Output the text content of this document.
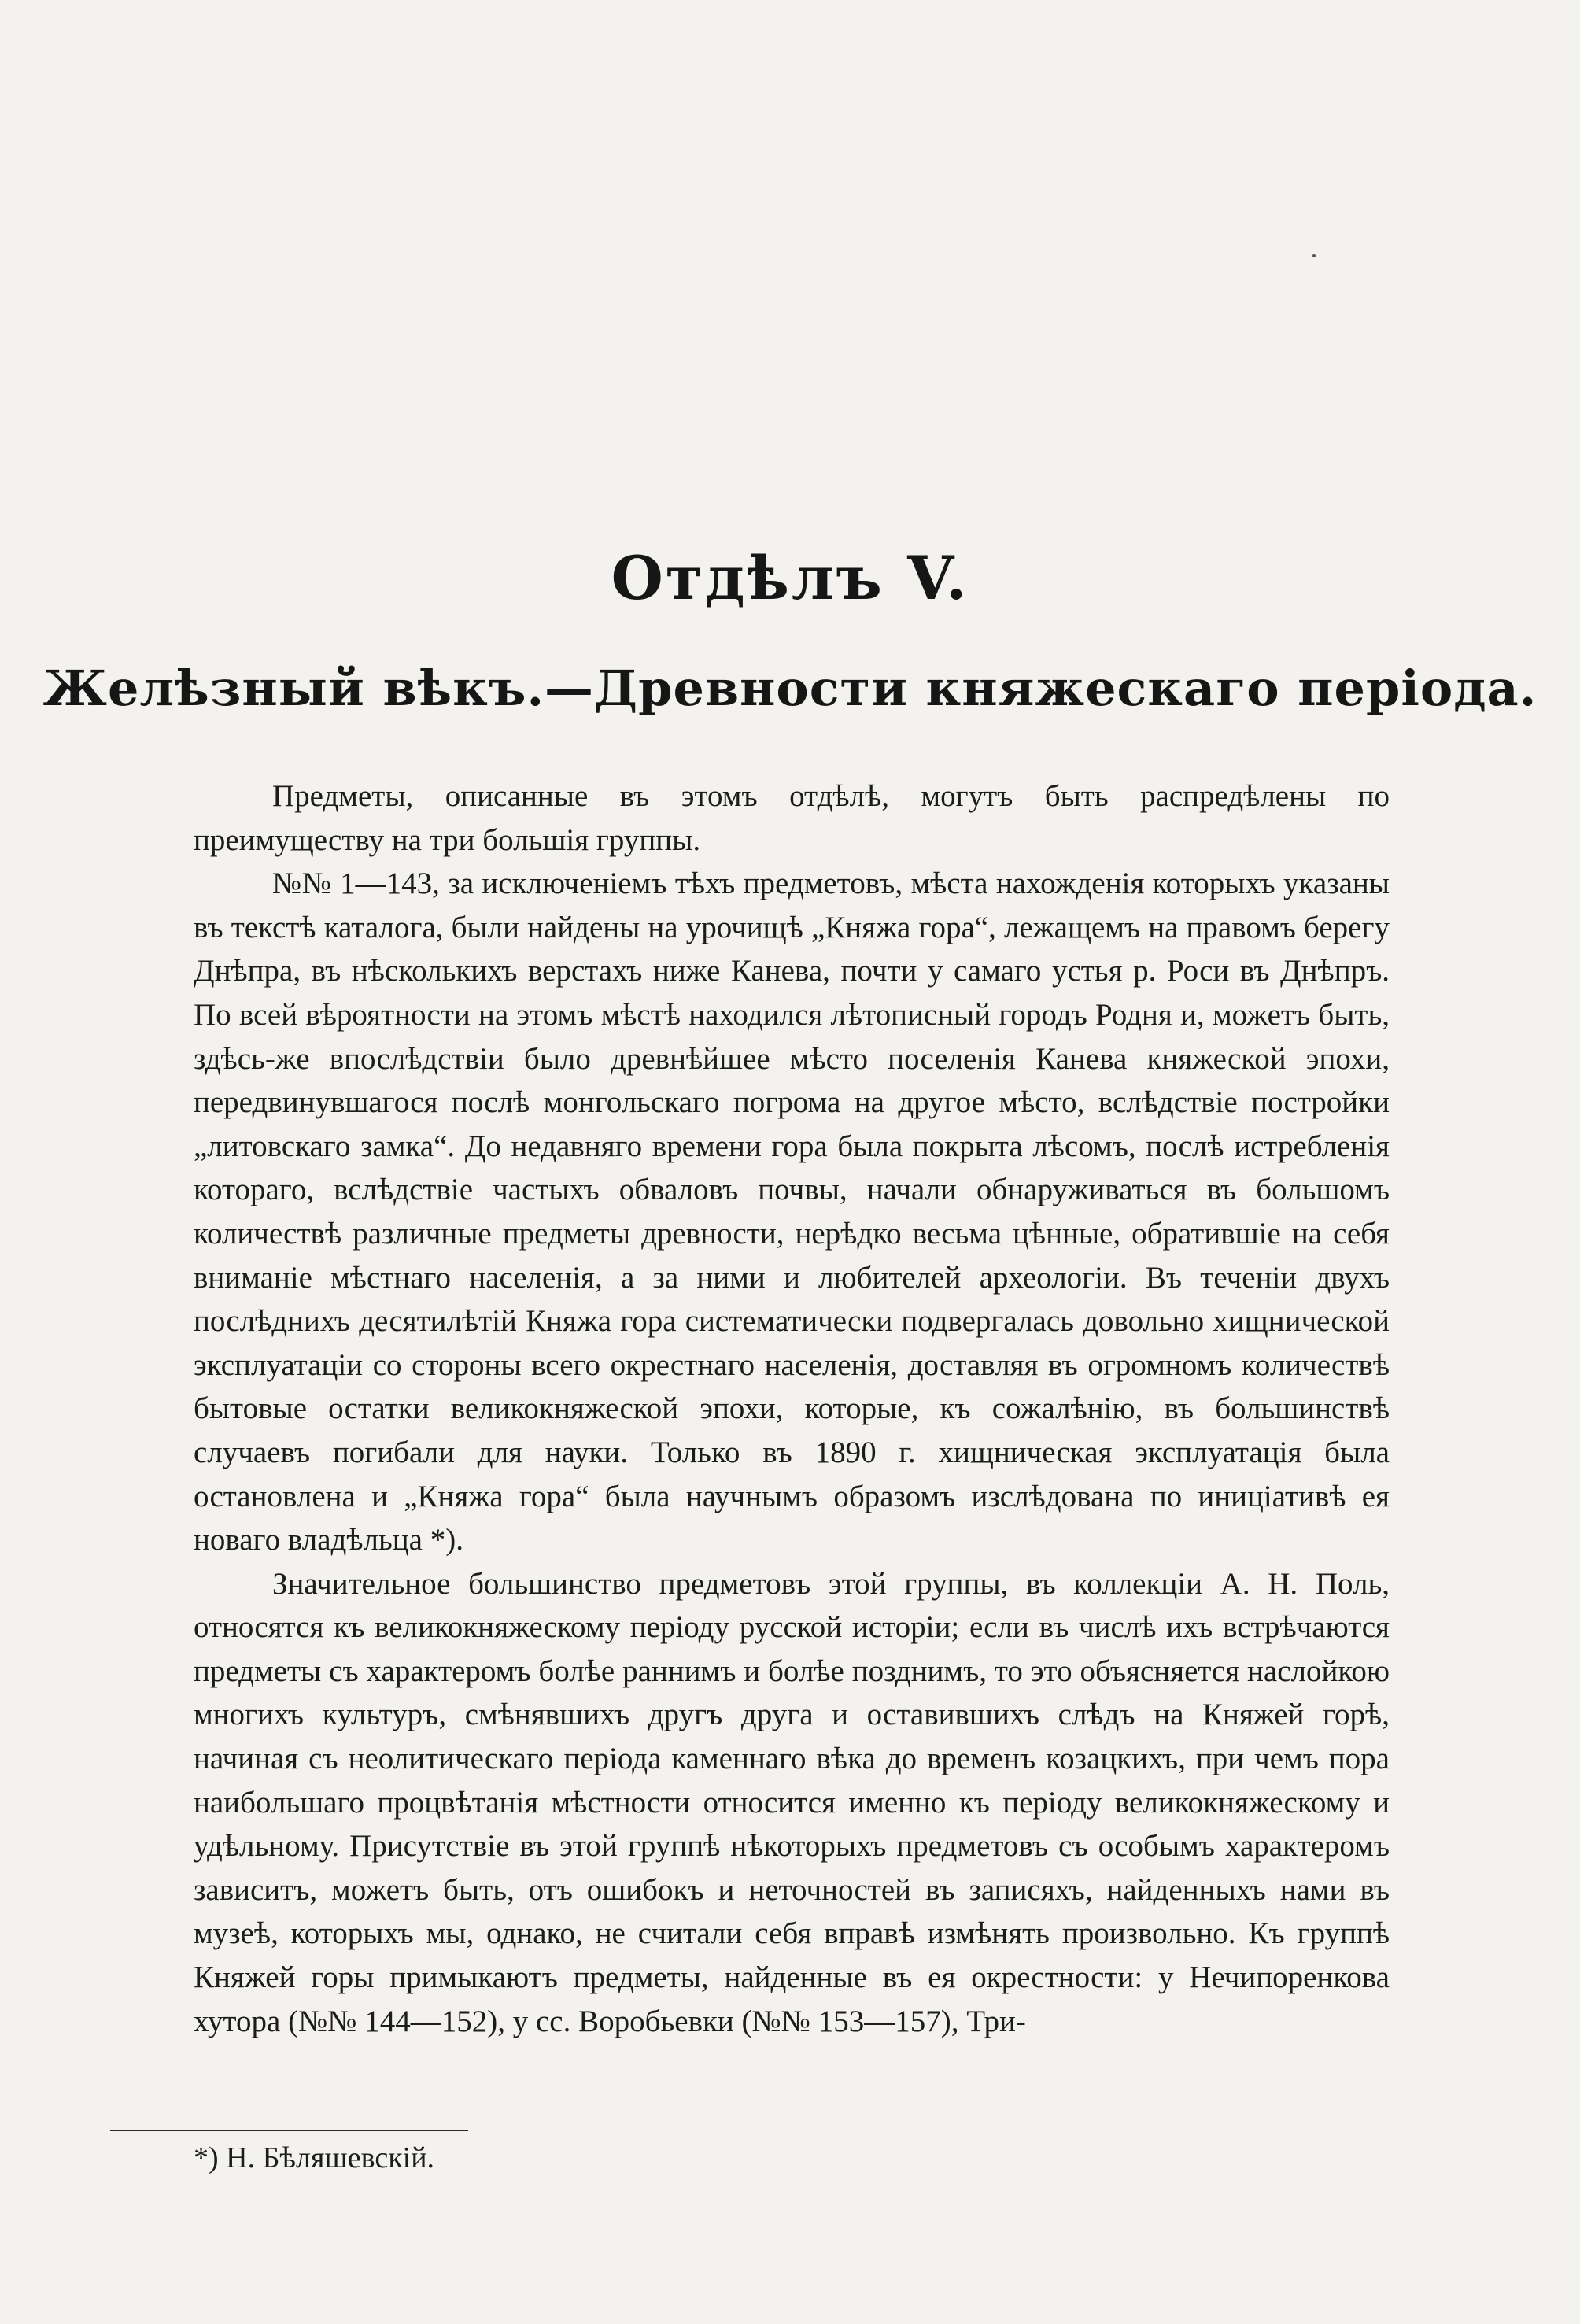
Отдѣлъ V.
Желѣзный вѣкъ.—Древности княжескаго періода.

Предметы, описанные въ этомъ отдѣлѣ, могутъ быть распредѣлены по преимуществу на три большія группы.

№№ 1—143, за исключеніемъ тѣхъ предметовъ, мѣста нахожденія которыхъ указаны въ текстѣ каталога, были найдены на урочищѣ „Княжа гора“, лежащемъ на правомъ берегу Днѣпра, въ нѣсколькихъ верстахъ ниже Канева, почти у самаго устья р. Роси въ Днѣпръ. По всей вѣроятности на этомъ мѣстѣ находился лѣтописный городъ Родня и, можетъ быть, здѣсь-же впослѣдствіи было древнѣйшее мѣсто поселенія Канева княжеской эпохи, передвинувшагося послѣ монгольскаго погрома на другое мѣсто, вслѣдствіе постройки „литовскаго замка“. До недавняго времени гора была покрыта лѣсомъ, послѣ истребленія котораго, вслѣдствіе частыхъ обваловъ почвы, начали обнаруживаться въ большомъ количествѣ различные предметы древности, нерѣдко весьма цѣнные, обратившіе на себя вниманіе мѣстнаго населенія, а за ними и любителей археологіи. Въ теченіи двухъ послѣднихъ десятилѣтій Княжа гора систематически подвергалась довольно хищнической эксплуатаціи со стороны всего окрестнаго населенія, доставляя въ огромномъ количествѣ бытовые остатки великокняжеской эпохи, которые, къ сожалѣнію, въ большинствѣ случаевъ погибали для науки. Только въ 1890 г. хищническая эксплуатація была остановлена и „Княжа гора“ была научнымъ образомъ изслѣдована по иниціативѣ ея новаго владѣльца *).

Значительное большинство предметовъ этой группы, въ коллекціи А. Н. Поль, относятся къ великокняжескому періоду русской исторіи; если въ числѣ ихъ встрѣчаются предметы съ характеромъ болѣе раннимъ и болѣе позднимъ, то это объясняется наслойкою многихъ культуръ, смѣнявшихъ другъ друга и оставившихъ слѣдъ на Княжей горѣ, начиная съ неолитическаго періода каменнаго вѣка до временъ козацкихъ, при чемъ пора наибольшаго процвѣтанія мѣстности относится именно къ періоду великокняжескому и удѣльному. Присутствіе въ этой группѣ нѣкоторыхъ предметовъ съ особымъ характеромъ зависитъ, можетъ быть, отъ ошибокъ и неточностей въ записяхъ, найденныхъ нами въ музеѣ, которыхъ мы, однако, не считали себя вправѣ измѣнять произвольно. Къ группѣ Княжей горы примыкаютъ предметы, найденные въ ея окрестности: у Нечипоренкова хутора (№№ 144—152), у сс. Воробьевки (№№ 153—157), Три-

*) Н. Бѣляшевскій.
